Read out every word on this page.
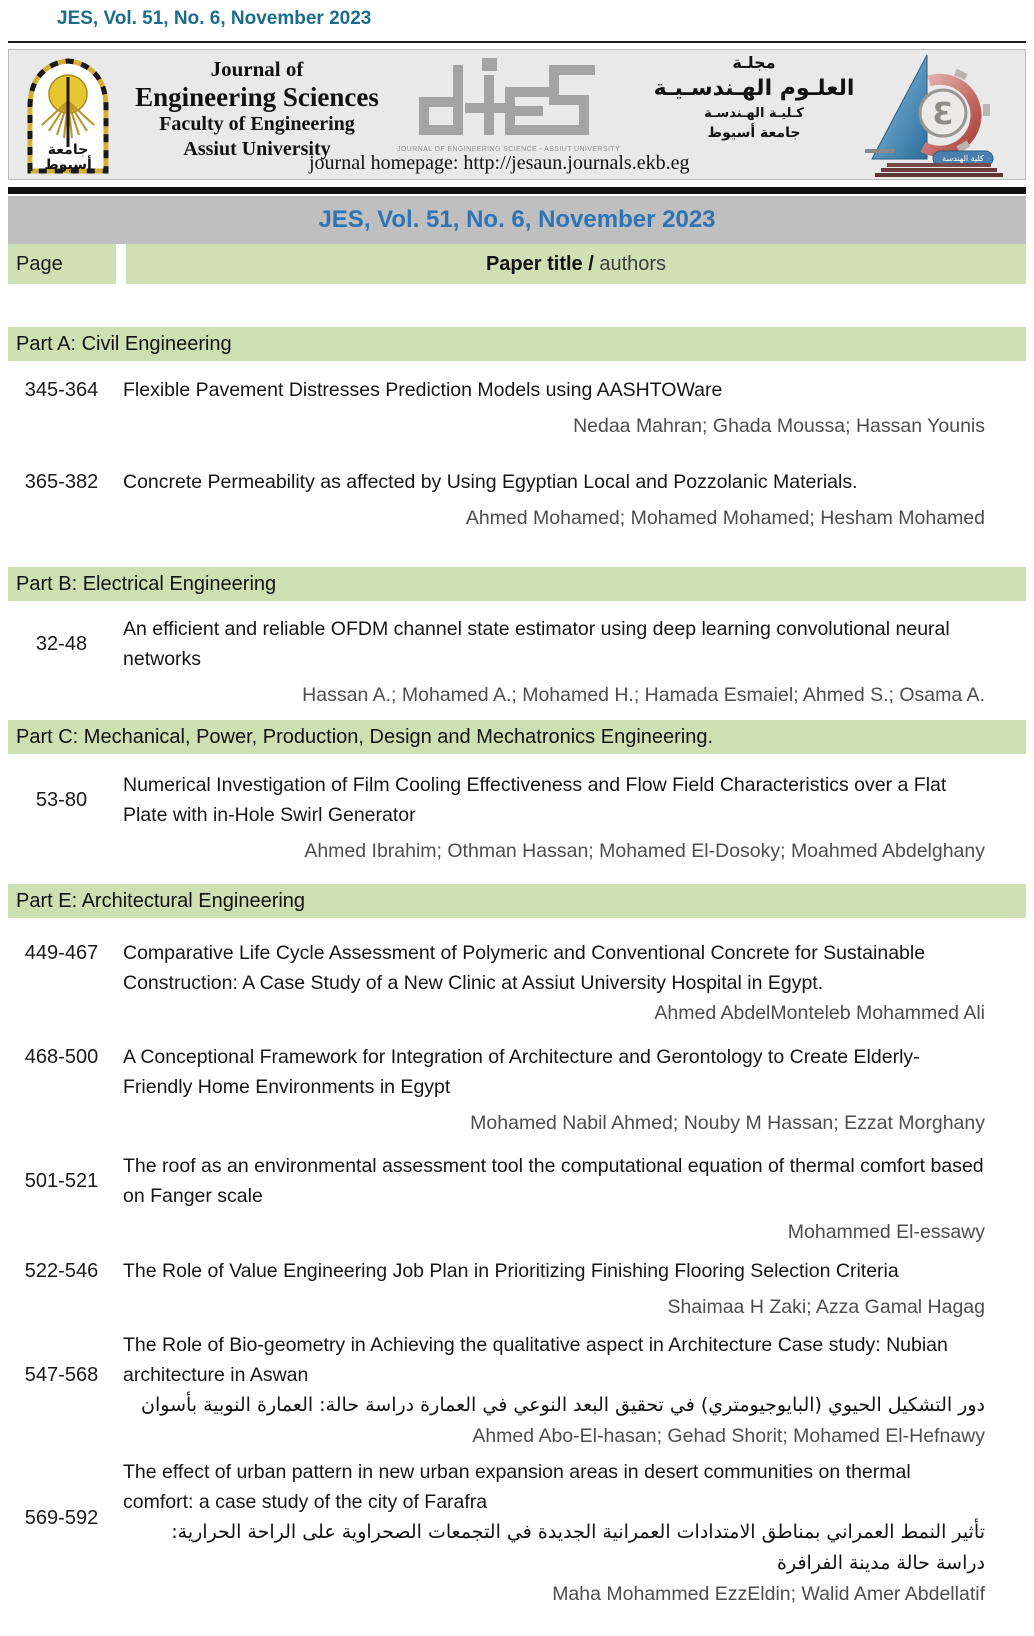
JES, Vol. 51, No. 6, November 2023
جامعة
أسيوط
Journal of
Engineering Sciences
Faculty of Engineering
Assiut University	JOURNAL OF ENGINEERING SCIENCE - ASSIUT UNIVERSITY
journal homepage: http://jesaun.journals.ekb.eg
مجلـة
العلـوم الهـندسـيـة
كـليـة الهـندسـة
جامعة أسيوط
Ɛ
كلية الهندسة
JES, Vol. 51, No. 6, November 2023
Page	Paper title / authors
Part A: Civil Engineering
345-364	Flexible Pavement Distresses Prediction Models using AASHTOWare
Nedaa Mahran; Ghada Moussa; Hassan Younis
365-382	Concrete Permeability as affected by Using Egyptian Local and Pozzolanic Materials.
Ahmed Mohamed; Mohamed Mohamed; Hesham Mohamed
Part B: Electrical Engineering
32-48
An efficient and reliable OFDM channel state estimator using deep learning convolutional neural networks
Hassan A.; Mohamed A.; Mohamed H.; Hamada Esmaiel; Ahmed S.; Osama A.
Part C: Mechanical, Power, Production, Design and Mechatronics Engineering.
53-80
Numerical Investigation of Film Cooling Effectiveness and Flow Field Characteristics over a Flat Plate with in-Hole Swirl Generator
Ahmed Ibrahim; Othman Hassan; Mohamed El-Dosoky; Moahmed Abdelghany
Part E: Architectural Engineering
449-467	Comparative Life Cycle Assessment of Polymeric and Conventional Concrete for Sustainable Construction: A Case Study of a New Clinic at Assiut University Hospital in Egypt.
Ahmed AbdelMonteleb Mohammed Ali
468-500	A Conceptional Framework for Integration of Architecture and Gerontology to Create Elderly-Friendly Home Environments in Egypt
Mohamed Nabil Ahmed; Nouby M Hassan; Ezzat Morghany
501-521
The roof as an environmental assessment tool the computational equation of thermal comfort based on Fanger scale
Mohammed El-essawy
522-546	The Role of Value Engineering Job Plan in Prioritizing Finishing Flooring Selection Criteria
Shaimaa H Zaki; Azza Gamal Hagag
547-568
The Role of Bio-geometry in Achieving the qualitative aspect in Architecture Case study: Nubian architecture in Aswan
دور التشكيل الحيوي (البايوجيومتري) في تحقيق البعد النوعي في العمارة دراسة حالة: العمارة النوبية بأسوان
Ahmed Abo-El-hasan; Gehad Shorit; Mohamed El-Hefnawy
569-592
The effect of urban pattern in new urban expansion areas in desert communities on thermal comfort: a case study of the city of Farafra
تأثير النمط العمراني بمناطق الامتدادات العمرانية الجديدة في التجمعات الصحراوية على الراحة الحرارية: دراسة حالة مدينة الفرافرة
Maha Mohammed EzzEldin; Walid Amer Abdellatif
